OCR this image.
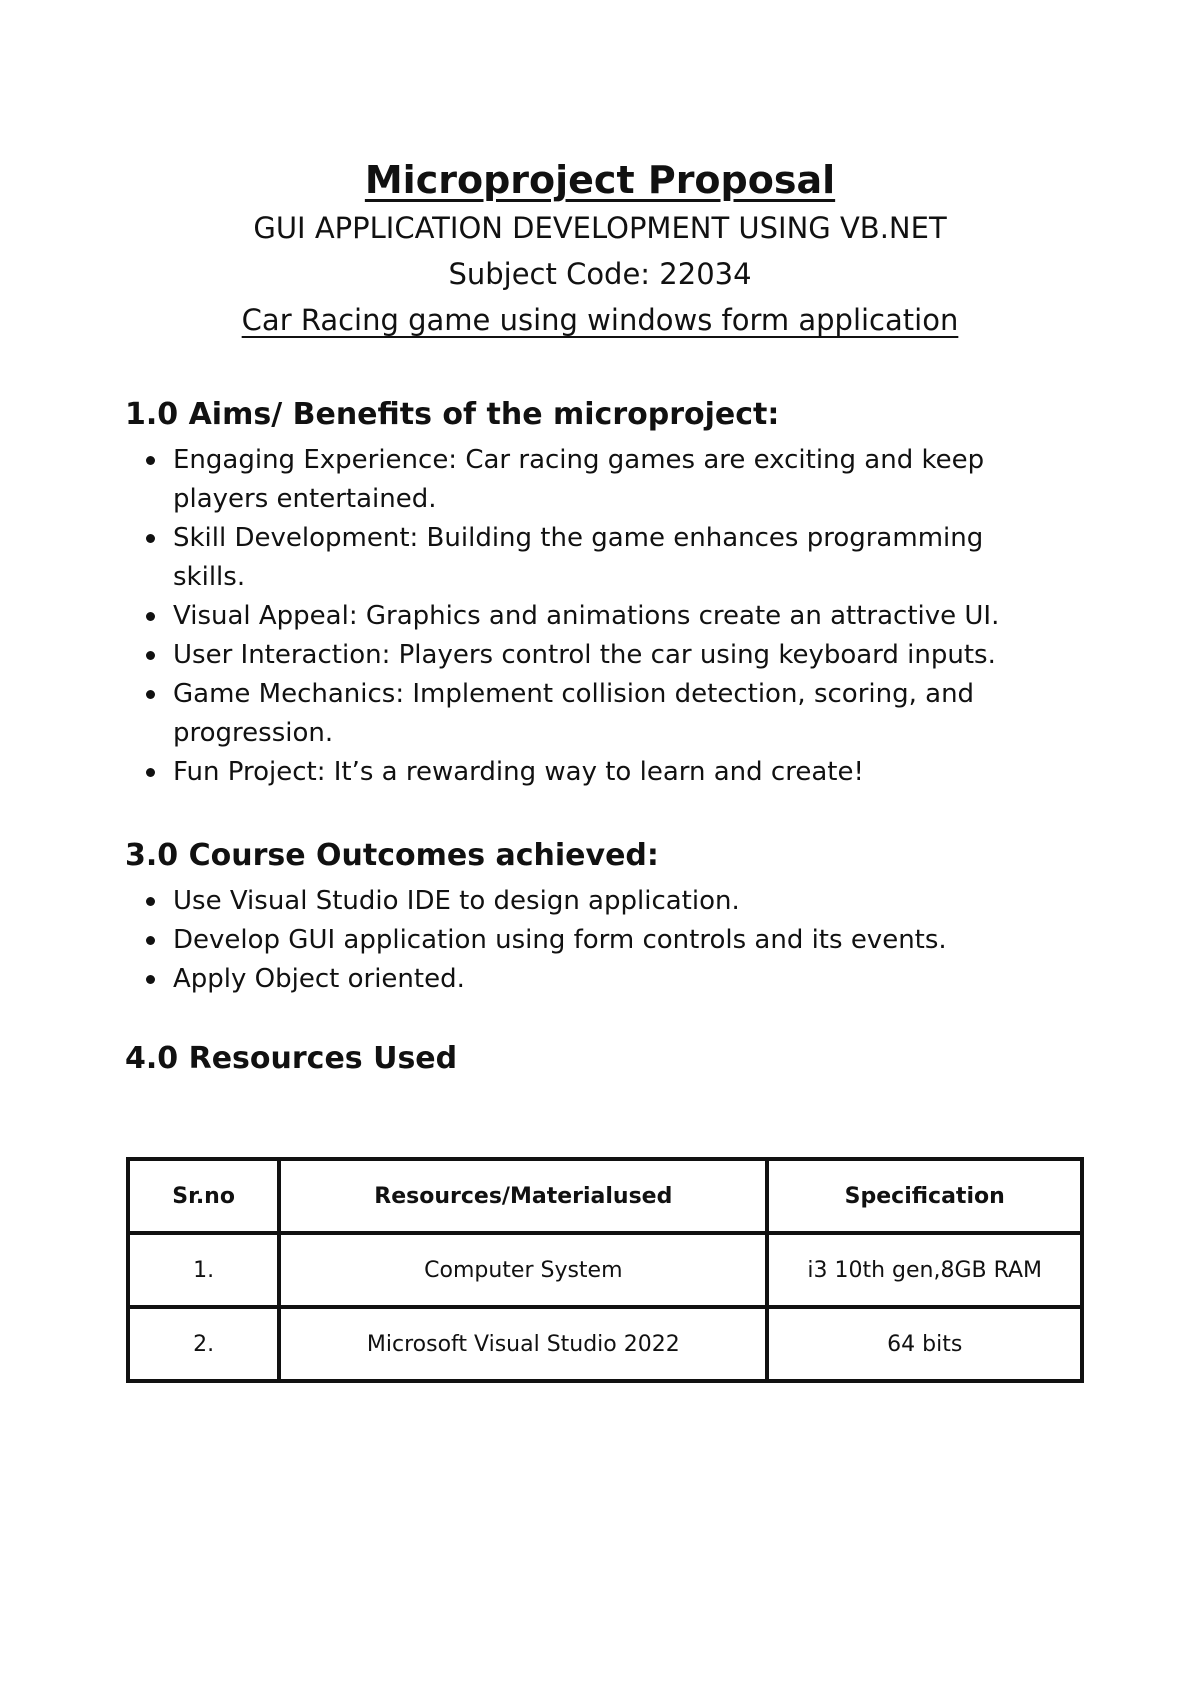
Microproject Proposal

GUI APPLICATION DEVELOPMENT USING VB.NET

Subject Code: 22034

Car Racing game using windows form application

1.0 Aims/ Benefits of the microproject:
Engaging Experience: Car racing games are exciting and keep players entertained.
Skill Development: Building the game enhances programming skills.
Visual Appeal: Graphics and animations create an attractive UI.
User Interaction: Players control the car using keyboard inputs.
Game Mechanics: Implement collision detection, scoring, and progression.
Fun Project: It’s a rewarding way to learn and create!
3.0 Course Outcomes achieved:
Use Visual Studio IDE to design application.
Develop GUI application using form controls and its events.
Apply Object oriented.
4.0 Resources Used
Sr.no	Resources/Materialused	Specification
1.	Computer System	i3 10th gen,8GB RAM
2.	Microsoft Visual Studio 2022	64 bits
